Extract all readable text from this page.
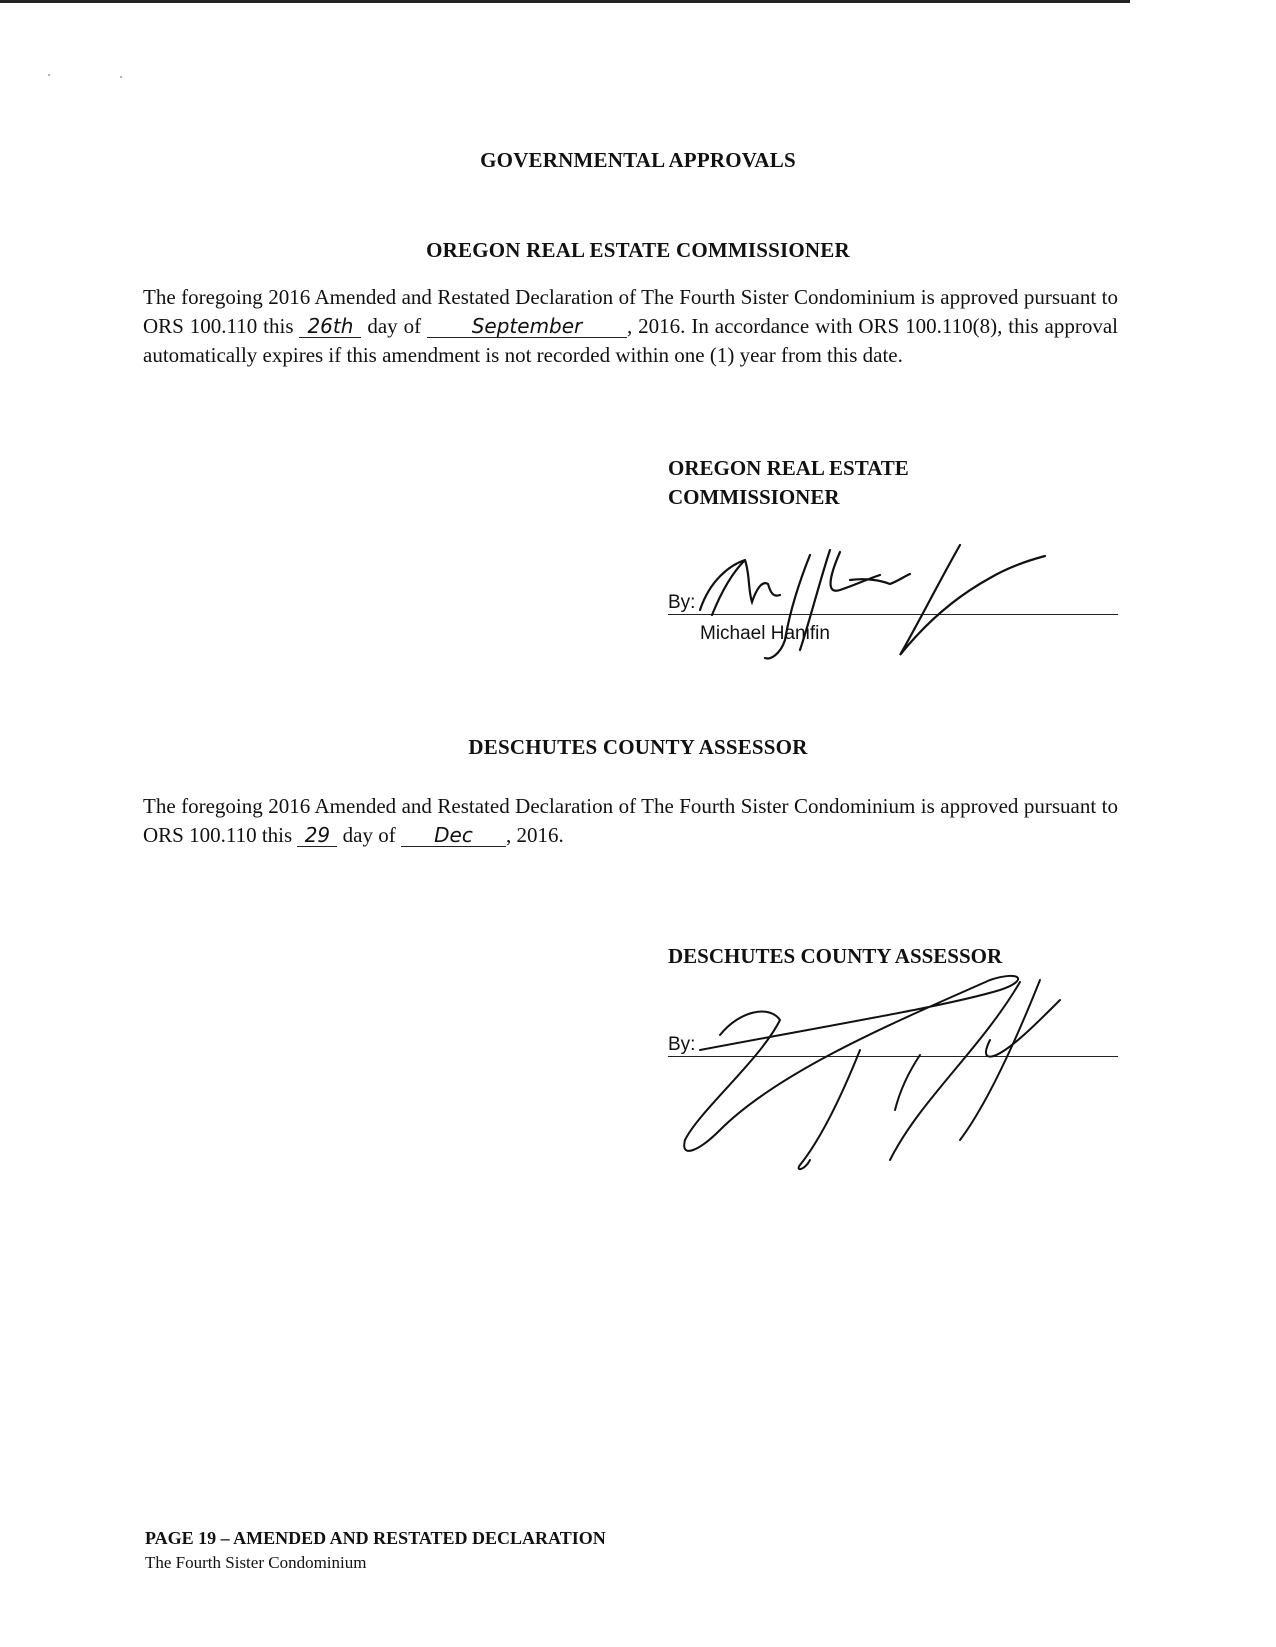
GOVERNMENTAL APPROVALS
OREGON REAL ESTATE COMMISSIONER
The foregoing 2016 Amended and Restated Declaration of The Fourth Sister Condominium is approved pursuant to ORS 100.110 this 26th day of September , 2016. In accordance with ORS 100.110(8), this approval automatically expires if this amendment is not recorded within one (1) year from this date.
OREGON REAL ESTATE
COMMISSIONER
By:
Michael Hanifin
DESCHUTES COUNTY ASSESSOR
The foregoing 2016 Amended and Restated Declaration of The Fourth Sister Condominium is approved pursuant to ORS 100.110 this 29 day of Dec , 2016.
DESCHUTES COUNTY ASSESSOR
By:
PAGE 19 – AMENDED AND RESTATED DECLARATION
The Fourth Sister Condominium
